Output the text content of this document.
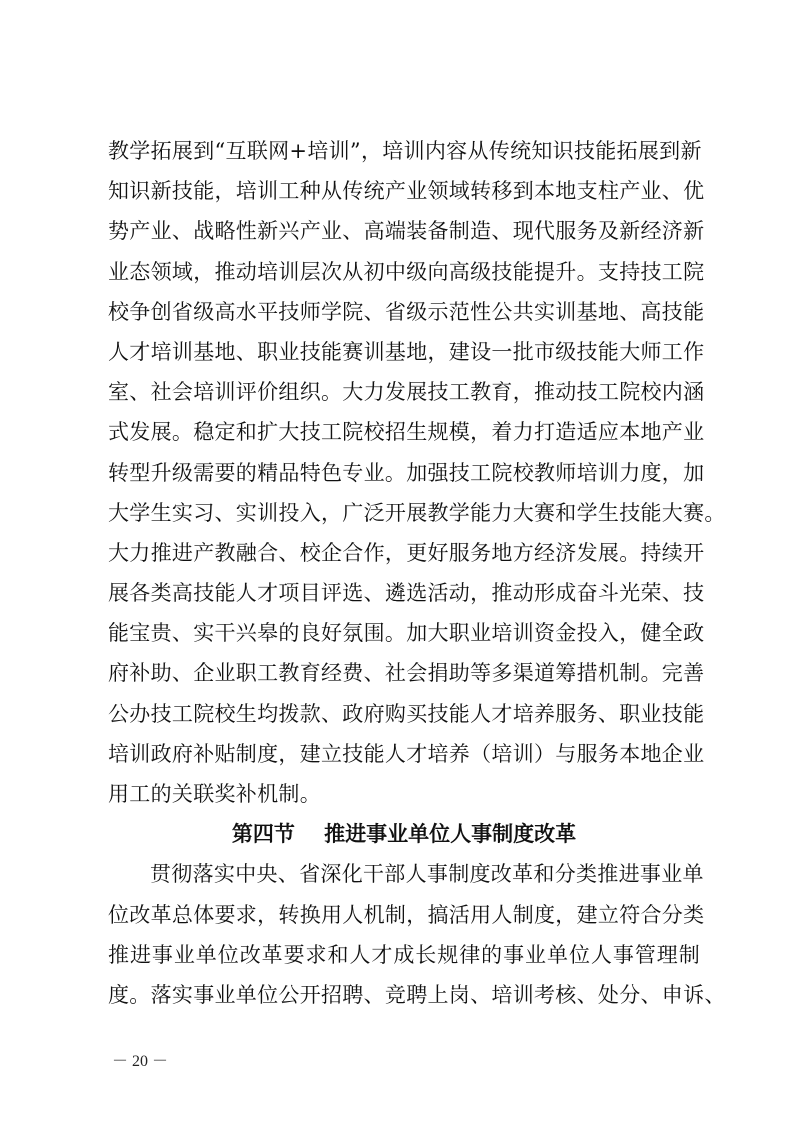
教学拓展到“互联网+培训”，培训内容从传统知识技能拓展到新
知识新技能，培训工种从传统产业领域转移到本地支柱产业、优
势产业、战略性新兴产业、高端装备制造、现代服务及新经济新
业态领域，推动培训层次从初中级向高级技能提升。支持技工院
校争创省级高水平技师学院、省级示范性公共实训基地、高技能
人才培训基地、职业技能赛训基地，建设一批市级技能大师工作
室、社会培训评价组织。大力发展技工教育，推动技工院校内涵
式发展。稳定和扩大技工院校招生规模，着力打造适应本地产业
转型升级需要的精品特色专业。加强技工院校教师培训力度，加
大学生实习、实训投入，广泛开展教学能力大赛和学生技能大赛。
大力推进产教融合、校企合作，更好服务地方经济发展。持续开
展各类高技能人才项目评选、遴选活动，推动形成奋斗光荣、技
能宝贵、实干兴皋的良好氛围。加大职业培训资金投入，健全政
府补助、企业职工教育经费、社会捐助等多渠道筹措机制。完善
公办技工院校生均拨款、政府购买技能人才培养服务、职业技能
培训政府补贴制度，建立技能人才培养（培训）与服务本地企业
用工的关联奖补机制。
第四节    推进事业单位人事制度改革
贯彻落实中央、省深化干部人事制度改革和分类推进事业单
位改革总体要求，转换用人机制，搞活用人制度，建立符合分类
推进事业单位改革要求和人才成长规律的事业单位人事管理制
度。落实事业单位公开招聘、竞聘上岗、培训考核、处分、申诉、
－ 20 －
